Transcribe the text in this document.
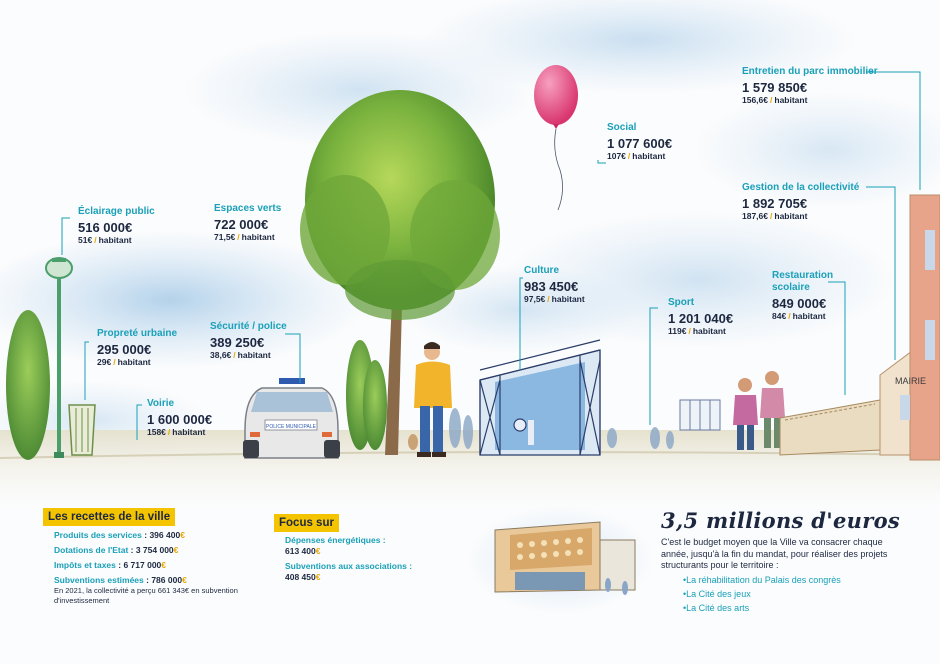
POLICE MUNICIPALE
MAIRIE
Éclairage public
516 000€
51€ / habitant
Espaces verts
722 000€
71,5€ / habitant
Propreté urbaine
295 000€
29€ / habitant
Sécurité / police
389 250€
38,6€ / habitant
Voirie
1 600 000€
158€ / habitant
Social
1 077 600€
107€ / habitant
Culture
983 450€
97,5€ / habitant	Sport
1 201 040€
119€ / habitant
Entretien du parc immobilier
1 579 850€
156,6€ / habitant
Gestion de la collectivité
1 892 705€
187,6€ / habitant
Restauration
scolaire
849 000€
84€ / habitant
Les recettes de la ville
Produits des services : 396 400€
Dotations de l'Etat : 3 754 000€
Impôts et taxes : 6 717 000€
Subventions estimées : 786 000€
En 2021, la collectivité a perçu 661 343€ en subvention d'investissement
Focus sur
Dépenses énergétiques :
613 400€
Subventions aux associations :
408 450€
3,5 millions d'euros
C'est le budget moyen que la Ville va consacrer chaque année, jusqu'à la fin du mandat, pour réaliser des projets structurants pour le territoire :
•La réhabilitation du Palais des congrès
•La Cité des jeux
•La Cité des arts
